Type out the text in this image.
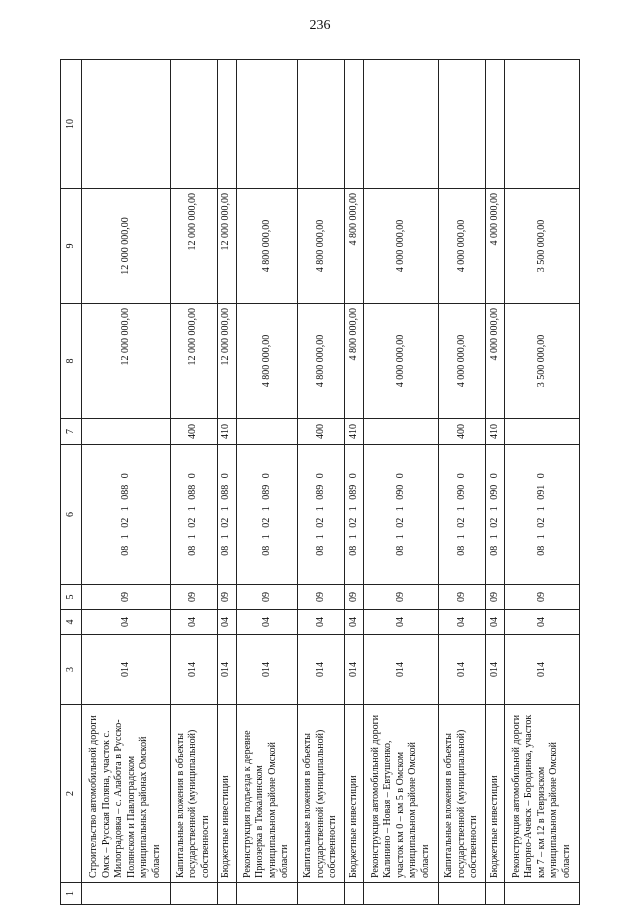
236
1	2	3	4	5	6	7	8	9	10
	Строительство автомобильной дороги Омск – Русская Поляна, участок с. Милоградовка – с. Алабота в Русско-Полянском и Павлоградском муниципальных районах Омской области	014	04	09	08 1 02 1 088 0		12 000 000,00	12 000 000,00	
	Капитальные вложения в объекты государственной (муниципальной) собственности	014	04	09	08 1 02 1 088 0	400	12 000 000,00	12 000 000,00	
	Бюджетные инвестиции	014	04	09	08 1 02 1 088 0	410	12 000 000,00	12 000 000,00	
	Реконструкция подъезда к деревне Приозерка в Тюкалинском муниципальном районе Омской области	014	04	09	08 1 02 1 089 0		4 800 000,00	4 800 000,00	
	Капитальные вложения в объекты государственной (муниципальной) собственности	014	04	09	08 1 02 1 089 0	400	4 800 000,00	4 800 000,00	
	Бюджетные инвестиции	014	04	09	08 1 02 1 089 0	410	4 800 000,00	4 800 000,00	
	Реконструкция автомобильной дороги Калинино – Новая – Евтушенко, участок км 0 – км 5 в Омском муниципальном районе Омской области	014	04	09	08 1 02 1 090 0		4 000 000,00	4 000 000,00	
	Капитальные вложения в объекты государственной (муниципальной) собственности	014	04	09	08 1 02 1 090 0	400	4 000 000,00	4 000 000,00	
	Бюджетные инвестиции	014	04	09	08 1 02 1 090 0	410	4 000 000,00	4 000 000,00	
	Реконструкция автомобильной дороги Нагорно-Ачевск – Бородинка, участок км 7 – км 12 в Тевризском муниципальном районе Омской области	014	04	09	08 1 02 1 091 0		3 500 000,00	3 500 000,00	
